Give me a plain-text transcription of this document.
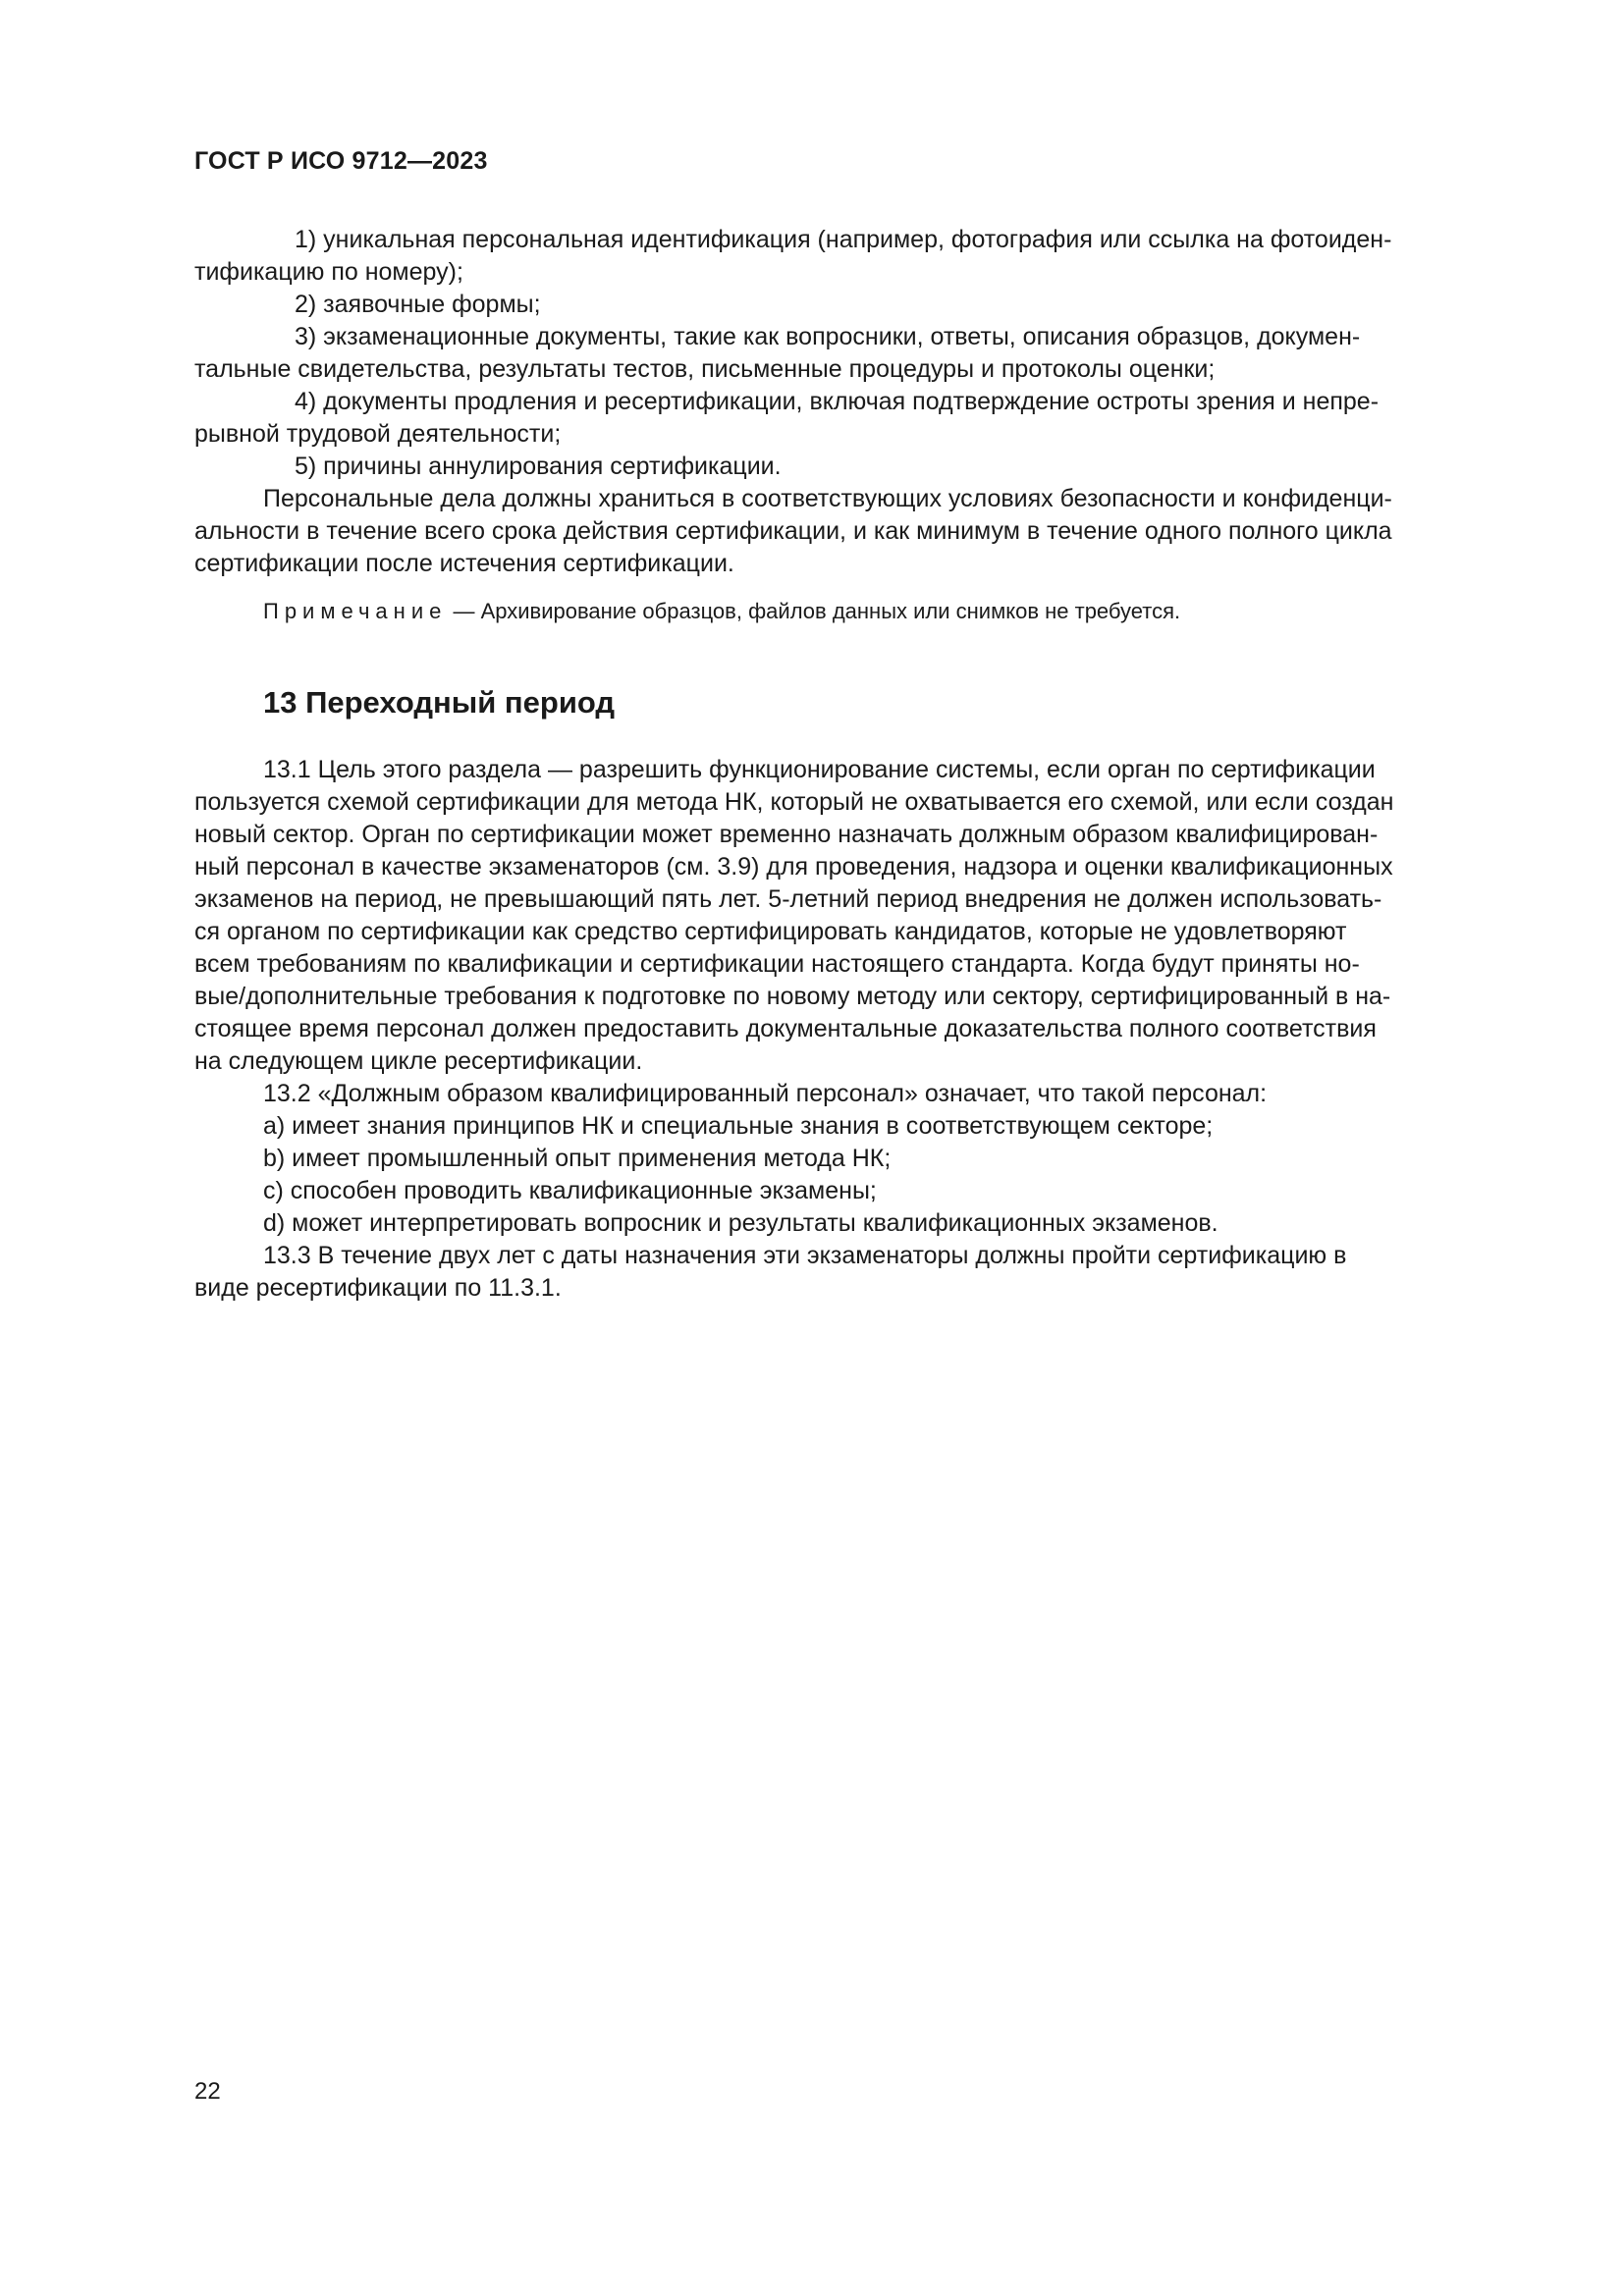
ГОСТ Р ИСО 9712—2023

1) уникальная персональная идентификация (например, фотография или ссылка на фотоиден-

тификацию по номеру);

2) заявочные формы;

3) экзаменационные документы, такие как вопросники, ответы, описания образцов, докумен-

тальные свидетельства, результаты тестов, письменные процедуры и протоколы оценки;

4) документы продления и ресертификации, включая подтверждение остроты зрения и непре-

рывной трудовой деятельности;

5) причины аннулирования сертификации.

Персональные дела должны храниться в соответствующих условиях безопасности и конфиденци-

альности в течение всего срока действия сертификации, и как минимум в течение одного полного цикла

сертификации после истечения сертификации.

Примечание — Архивирование образцов, файлов данных или снимков не требуется.
13 Переходный период

13.1 Цель этого раздела — разрешить функционирование системы, если орган по сертификации

пользуется схемой сертификации для метода НК, который не охватывается его схемой, или если создан

новый сектор. Орган по сертификации может временно назначать должным образом квалифицирован-

ный персонал в качестве экзаменаторов (см. 3.9) для проведения, надзора и оценки квалификационных

экзаменов на период, не превышающий пять лет. 5-летний период внедрения не должен использовать-

ся органом по сертификации как средство сертифицировать кандидатов, которые не удовлетворяют

всем требованиям по квалификации и сертификации настоящего стандарта. Когда будут приняты но-

вые/дополнительные требования к подготовке по новому методу или сектору, сертифицированный в на-

стоящее время персонал должен предоставить документальные доказательства полного соответствия

на следующем цикле ресертификации.

13.2 «Должным образом квалифицированный персонал» означает, что такой персонал:

a) имеет знания принципов НК и специальные знания в соответствующем секторе;

b) имеет промышленный опыт применения метода НК;

c) способен проводить квалификационные экзамены;

d) может интерпретировать вопросник и результаты квалификационных экзаменов.

13.3 В течение двух лет с даты назначения эти экзаменаторы должны пройти сертификацию в

виде ресертификации по 11.3.1.

22
